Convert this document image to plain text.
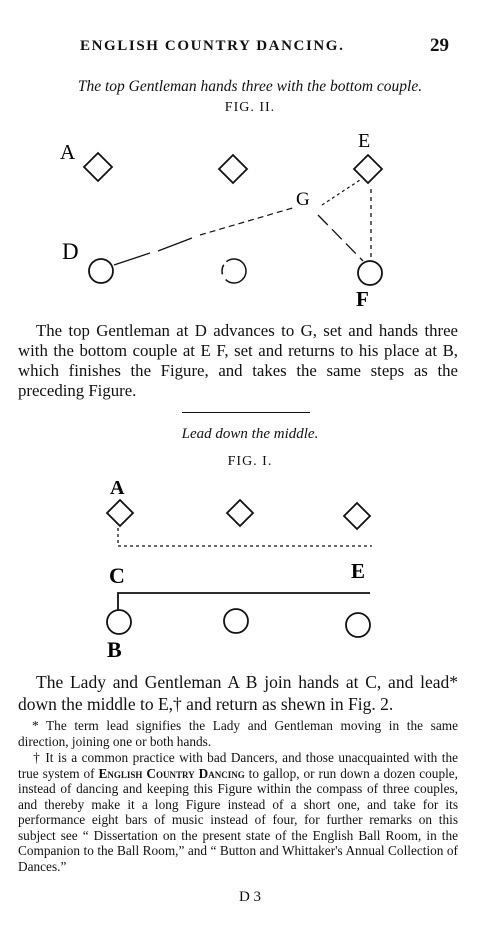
ENGLISH COUNTRY DANCING.	29
The top Gentleman hands three with the bottom couple.
FIG. II.
A	E
G
D
F
The top Gentleman at D advances to G, set and hands three with the bottom couple at E F, set and returns to his place at B, which finishes the Figure, and takes the same steps as the preceding Figure.
Lead down the middle.
FIG. I.
A
C	E
B
The Lady and Gentleman A B join hands at C, and lead* down the middle to E,† and return as shewn in Fig. 2.
* The term lead signifies the Lady and Gentleman moving in the same direction, joining one or both hands.
† It is a common practice with bad Dancers, and those unacquainted with the true system of English Country Dancing to gallop, or run down a dozen couple, instead of dancing and keeping this Figure within the compass of three couples, and thereby make it a long Figure instead of a short one, and take for its performance eight bars of music instead of four, for further remarks on this subject see “ Dissertation on the present state of the English Ball Room, in the Companion to the Ball Room,” and “ Button and Whittaker's Annual Collection of Dances.”
D 3
